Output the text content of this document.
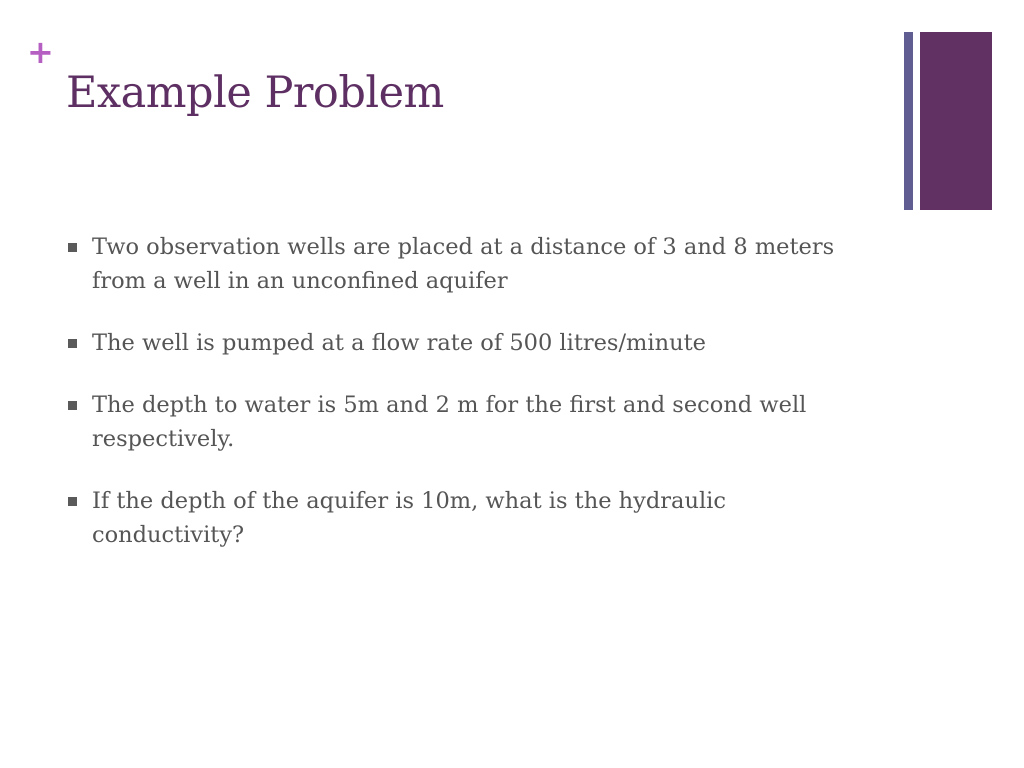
+
Example Problem
Two observation wells are placed at a distance of 3 and 8 meters from a well in an unconfined aquifer
The well is pumped at a flow rate of 500 litres/minute
The depth to water is 5m and 2 m for the first and second well respectively.
If the depth of the aquifer is 10m, what is the hydraulic conductivity?
